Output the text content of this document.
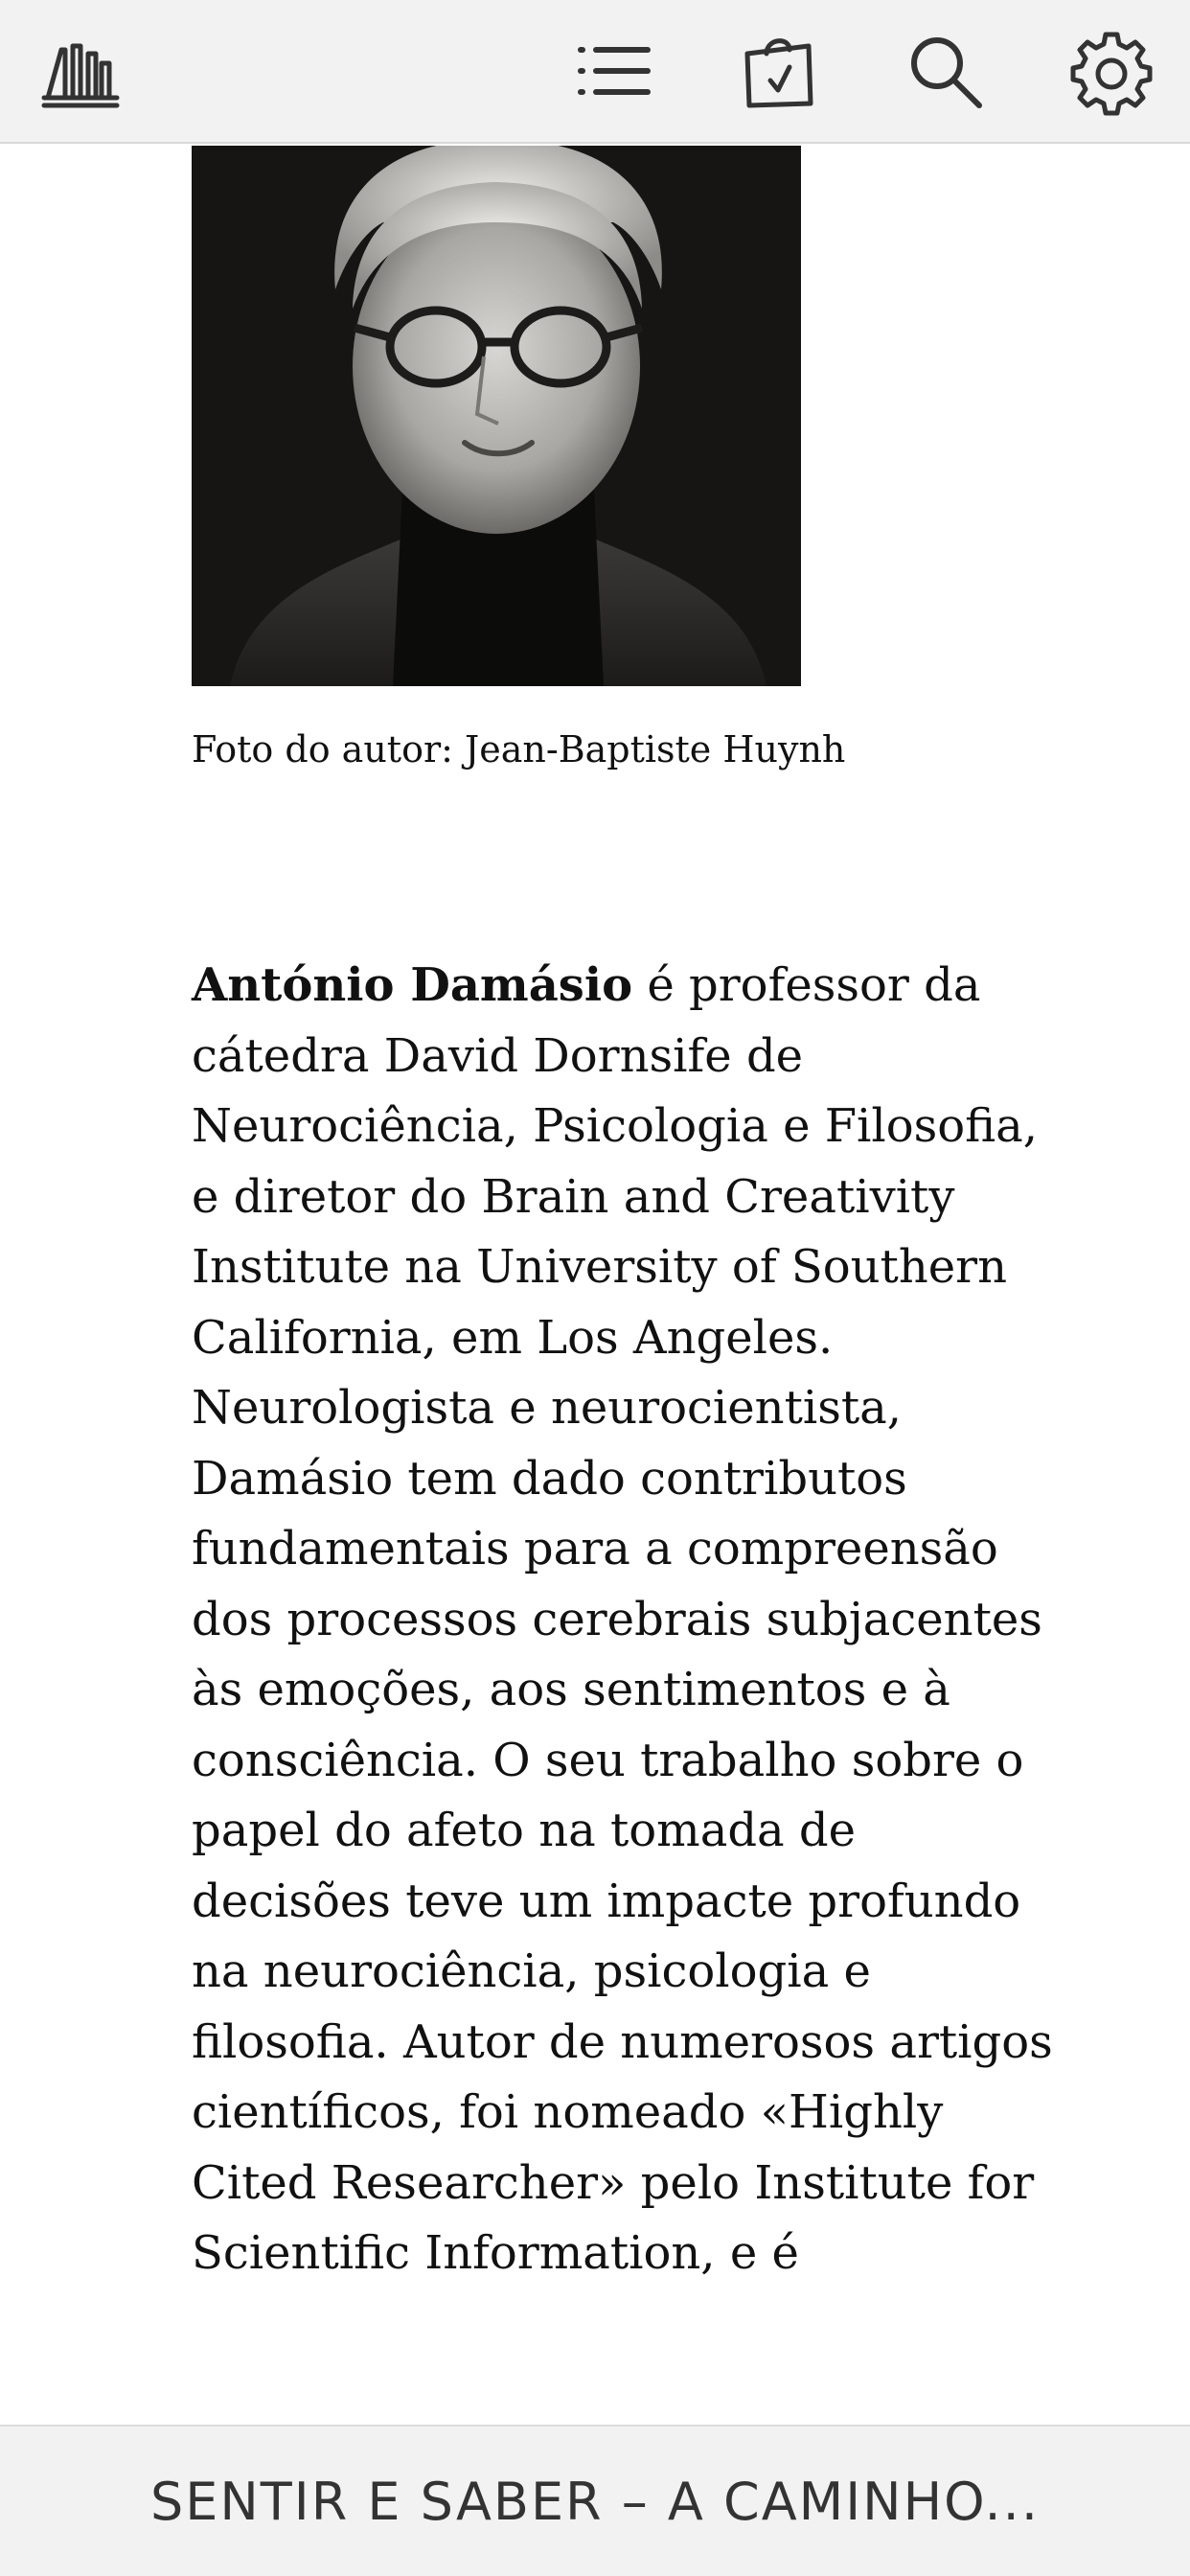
Foto do autor: Jean-Baptiste Huynh

António Damásio é professor da cátedra David Dornsife de Neurociência, Psicologia e Filosofia, e diretor do Brain and Creativity Institute na University of Southern California, em Los Angeles. Neurologista e neurocientista, Damásio tem dado contributos fundamentais para a compreensão dos processos cerebrais subjacentes às emoções, aos sentimentos e à consciência. O seu trabalho sobre o papel do afeto na tomada de decisões teve um impacte profundo na neurociência, psicologia e filosofia. Autor de numerosos artigos científicos, foi nomeado «Highly Cited Researcher» pelo Institute for Scientific Information, e é

SENTIR E SABER – A CAMINHO...
